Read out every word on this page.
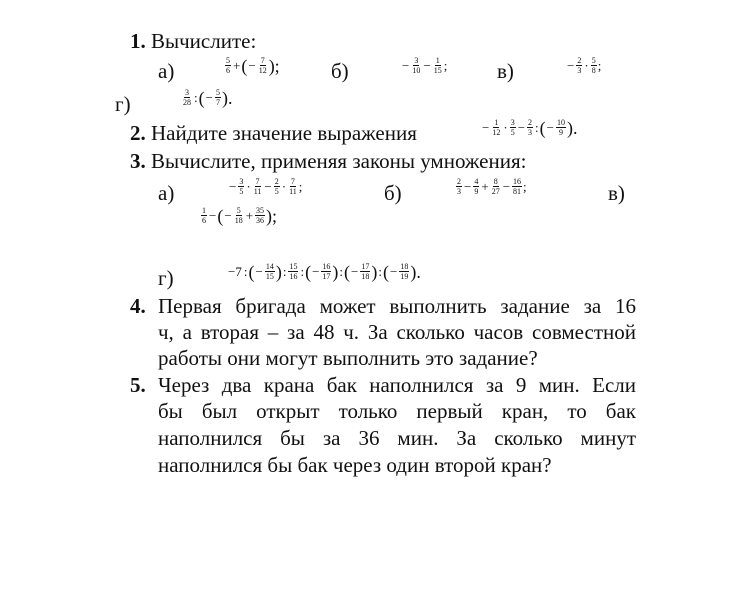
1. Вычислите:
а)	5
6 + ( − $\frac{7}{12}$ ); б)	− $\frac{3}{10} - \frac{1}{15}$ ; в)	− $\frac{2}{3} \cdot 5$
8 ;
г)	3
28 : ( − $\frac{5}{7}$ ).
2. Найдите значение выражения	− $\frac{1}{12} \cdot 3$
$5 - \frac{2}{3}$ : ( − $\frac{10}{9}$ ).
3. Вычислите, применяя законы умножения:
а)	− $\frac{3}{5} \cdot 7$
$11 - \frac{2}{5} \cdot 7$
11 ;	б)	2
$3 - \frac{4}{9} + \frac{8}{27} - \frac{16}{81}$ ;	в)
1
6 − ( − $\frac{5}{18} + \frac{35}{36}$ );
г)	−7 : ( − $\frac{14}{15}$ ) : 15
16 : ( − $\frac{16}{17}$ ) : ( − $\frac{17}{18}$ ) : ( − $\frac{18}{19}$ ).
4. Первая бригада может выполнить задание за 16
ч, а вторая – за 48 ч. За сколько часов совместной
работы они могут выполнить это задание?
5. Через два крана бак наполнился за 9 мин. Если
бы был открыт только первый кран, то бак
наполнился бы за 36 мин. За сколько минут
наполнился бы бак через один второй кран?
